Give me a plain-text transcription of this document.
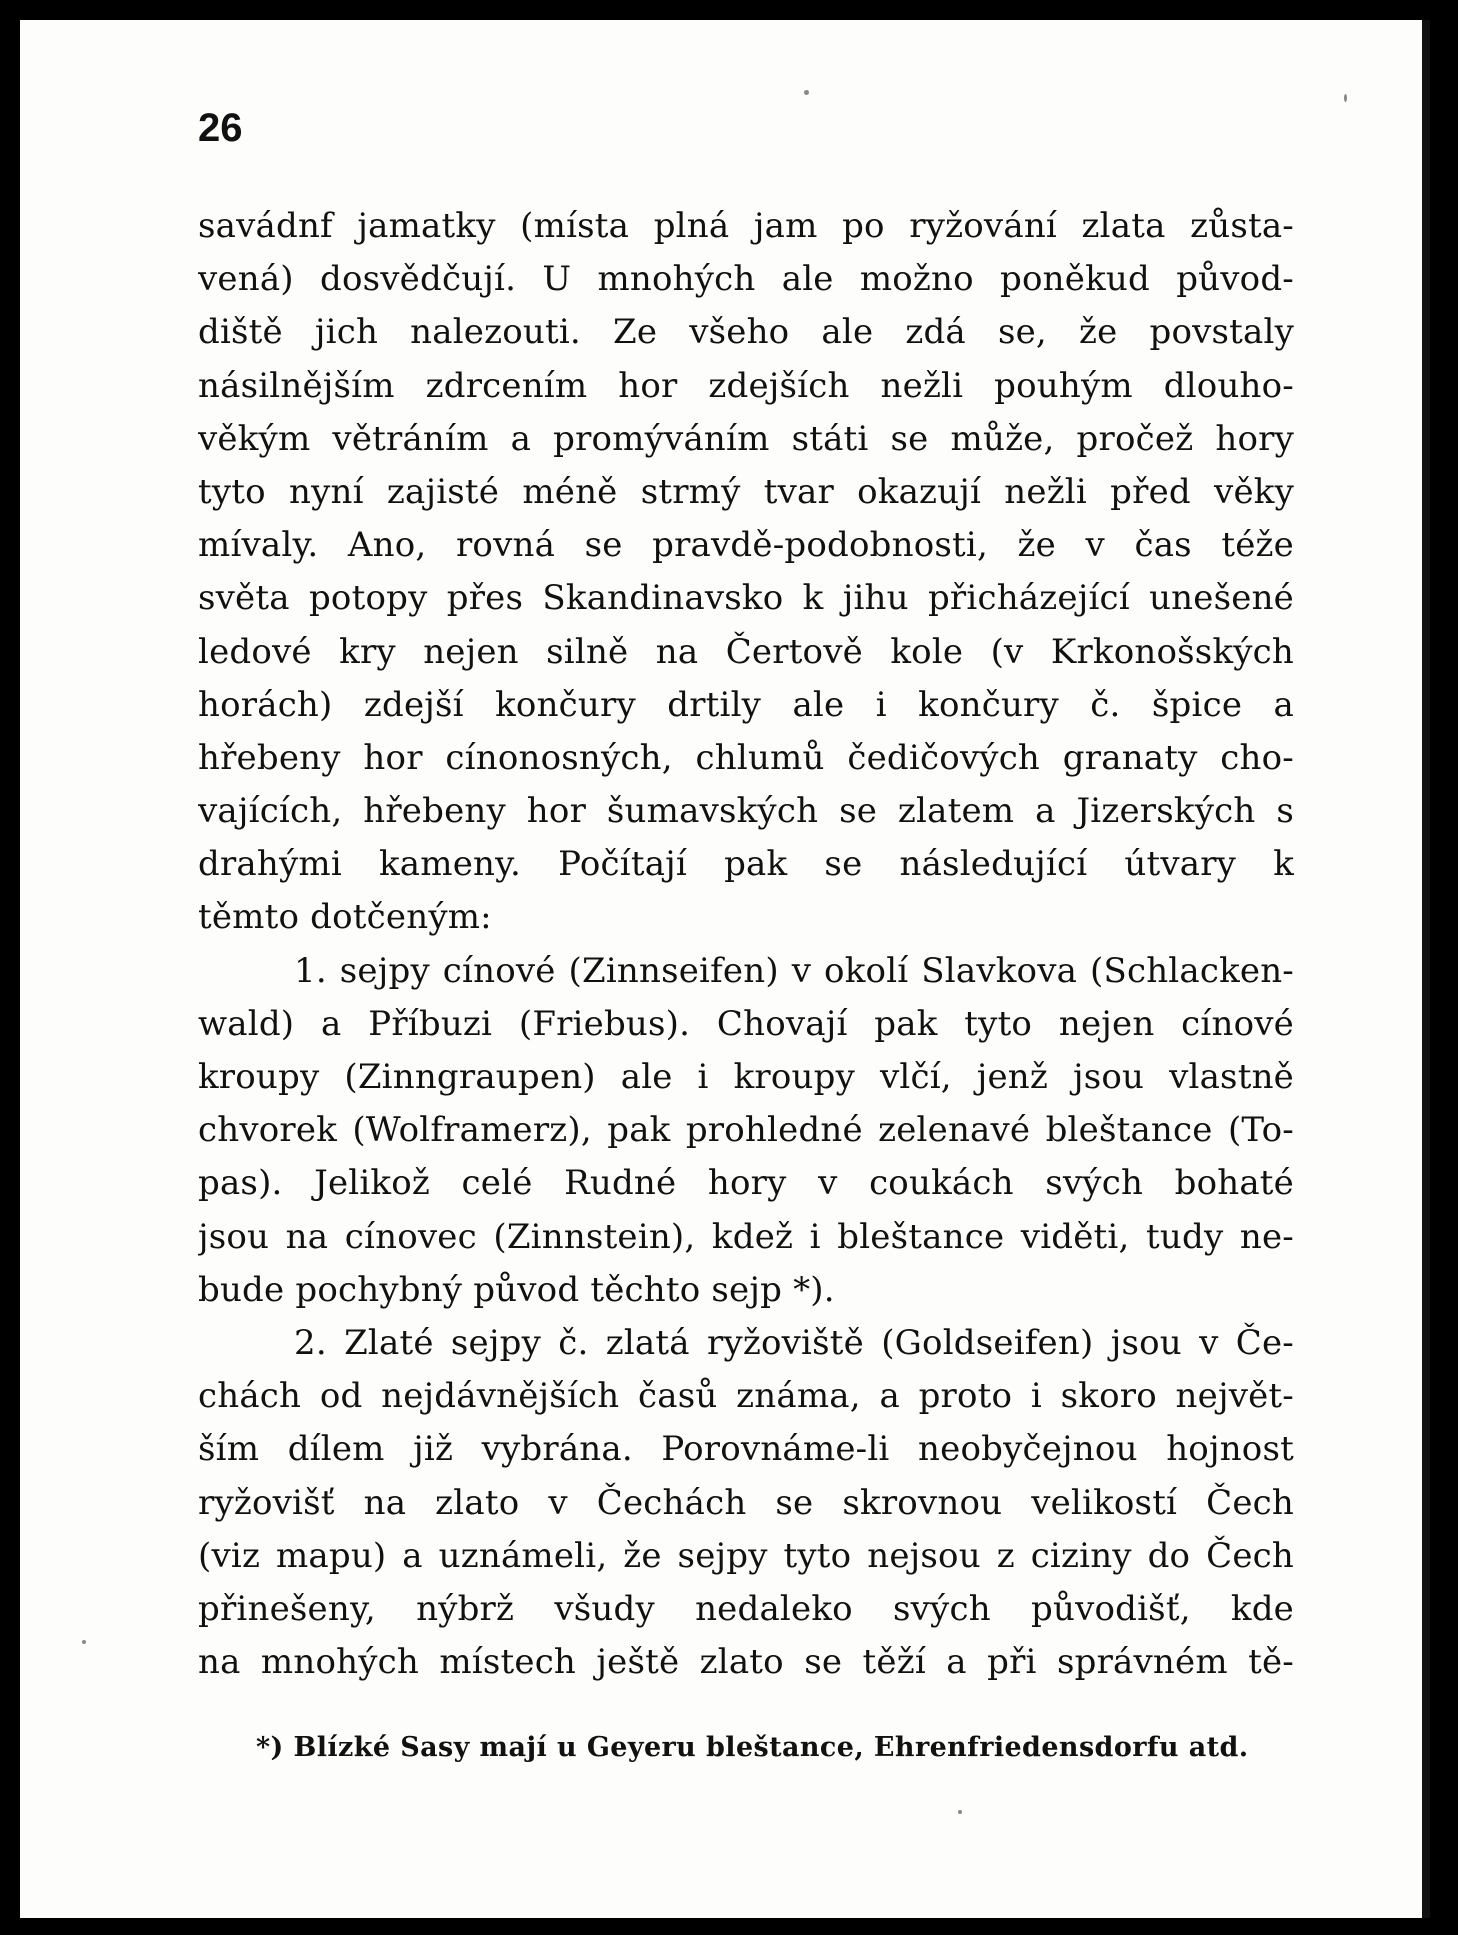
26
savádnf jamatky (místa plná jam po ryžování zlata zůsta-
vená) dosvědčují. U mnohých ale možno poněkud původ-
diště jich nalezouti. Ze všeho ale zdá se, že povstaly
násilnějším zdrcením hor zdejších nežli pouhým dlouho-
věkým větráním a promýváním státi se může, pročež hory
tyto nyní zajisté méně strmý tvar okazují nežli před věky
mívaly. Ano, rovná se pravdě-podobnosti, že v čas téže
světa potopy přes Skandinavsko k jihu přicházející unešené
ledové kry nejen silně na Čertově kole (v Krkonošských
horách) zdejší končury drtily ale i končury č. špice a
hřebeny hor cínonosných, chlumů čedičových granaty cho-
vajících, hřebeny hor šumavských se zlatem a Jizerských s
drahými kameny. Počítají pak se následující útvary k
těmto dotčeným:
1. sejpy cínové (Zinnseifen) v okolí Slavkova (Schlacken-
wald) a Příbuzi (Friebus). Chovají pak tyto nejen cínové
kroupy (Zinngraupen) ale i kroupy vlčí, jenž jsou vlastně
chvorek (Wolframerz), pak prohledné zelenavé bleštance (To-
pas). Jelikož celé Rudné hory v coukách svých bohaté
jsou na cínovec (Zinnstein), kdež i bleštance viděti, tudy ne-
bude pochybný původ těchto sejp *).
2. Zlaté sejpy č. zlatá ryžoviště (Goldseifen) jsou v Če-
chách od nejdávnějších časů známa, a proto i skoro největ-
ším dílem již vybrána. Porovnáme-li neobyčejnou hojnost
ryžovišť na zlato v Čechách se skrovnou velikostí Čech
(viz mapu) a uznámeli, že sejpy tyto nejsou z ciziny do Čech
přinešeny, nýbrž všudy nedaleko svých původišť, kde
na mnohých místech ještě zlato se těží a při správném tě-
*) Blízké Sasy mají u Geyeru bleštance, Ehrenfriedensdorfu atd.
